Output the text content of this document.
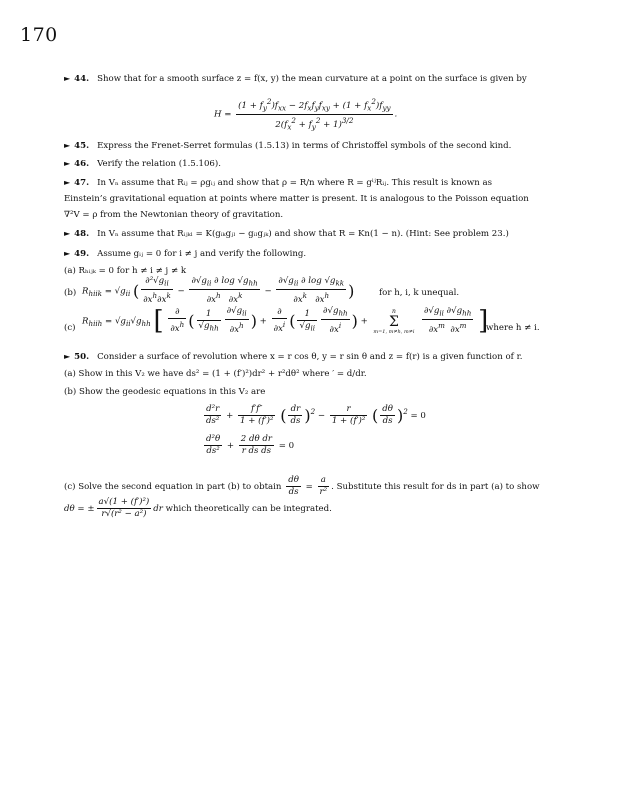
170
► 44. Show that for a smooth surface z = f(x, y) the mean curvature at a point on the surface is given by
$H = \frac{(1 + f_y^2)f_{xx} - 2f_xf_yf_{xy} + (1 + f_x^2)f_{yy}}{2(f_x^2 + f_y^2 + 1)^{3/2}}$ .
► 45. Express the Frenet-Serret formulas (1.5.13) in terms of Christoffel symbols of the second kind.
► 46. Verify the relation (1.5.106).
► 47. In Vₙ assume that Rᵢⱼ = ρgᵢⱼ and show that ρ = R/n where R = gⁱʲRᵢⱼ. This result is known as
Einstein’s gravitational equation at points where matter is present. It is analogous to the Poisson equation
∇²V = ρ from the Newtonian theory of gravitation.
► 48. In Vₙ assume that Rᵢⱼₖₗ = K(gᵢₖgⱼₗ − gᵢₗgⱼₖ) and show that R = Kn(1 − n). (Hint: See problem 23.)
► 49. Assume gᵢⱼ = 0 for i ≠ j and verify the following.
(a) Rₕᵢⱼₖ = 0 for h ≠ i ≠ j ≠ k
(b) $R_{hiik} = √g_{ii}$ ( $\frac{\partial^2√g_{ii}}{\partial x^h\partial x^k} - \frac{\partial√g_{ii} \partial \log √g_{hh}}{\partial x^h \partial x^k} - \frac{\partial√g_{ii} \partial \log √g_{kk}}{\partial x^k \partial x^h}$ )	for h, i, k unequal.
(c)
$R_{hiih} = √g_{ii}√g_{hh}$ [ $\frac{\partial}{\partial x^h}$ ( $\frac{1}{√g_{hh}} \frac{\partial√g_{ii}}{\partial x^h}$ ) + $\frac{\partial}{\partial x^i}$ ( $\frac{1}{√g_{ii}} \frac{\partial√g_{hh}}{\partial x^i}$ ) +
n
Σ
m=1, m≠h, m≠i
$\frac{\partial√g_{ii} \partial√g_{hh}}{\partial x^m \partial x^m}$ ]
where h ≠ i.
► 50. Consider a surface of revolution where x = r cos θ, y = r sin θ and z = f(r) is a given function of r.
(a) Show in this V₂ we have ds² = (1 + (f′)²)dr² + r²dθ² where ′ = d/dr.
(b) Show the geodesic equations in this V₂ are
$\frac{\text{d²r}}{\text{ds²}} + \frac{f'f''}{\text{1 + (f′)²}}$ ( $\frac{dr}{ds} )^2 - \frac{r}{\text{1 + (f′)²}}$ ( $\frac{d\theta}{ds} )^2 = 0$
$\frac{\text{d²θ}}{\text{ds²}} + \frac{\text{2 dθ dr}}{\text{r ds ds}} = 0$
(c) Solve the second equation in part (b) to obtain $\frac{d\theta}{ds} = \frac{a}{\text{r²}}$ . Substitute this result for ds in part (a) to show
dθ = ± $\frac{\text{a√(1 + (f′)²)}}{\text{r√(r² − a²)}}$ dr which theoretically can be integrated.
